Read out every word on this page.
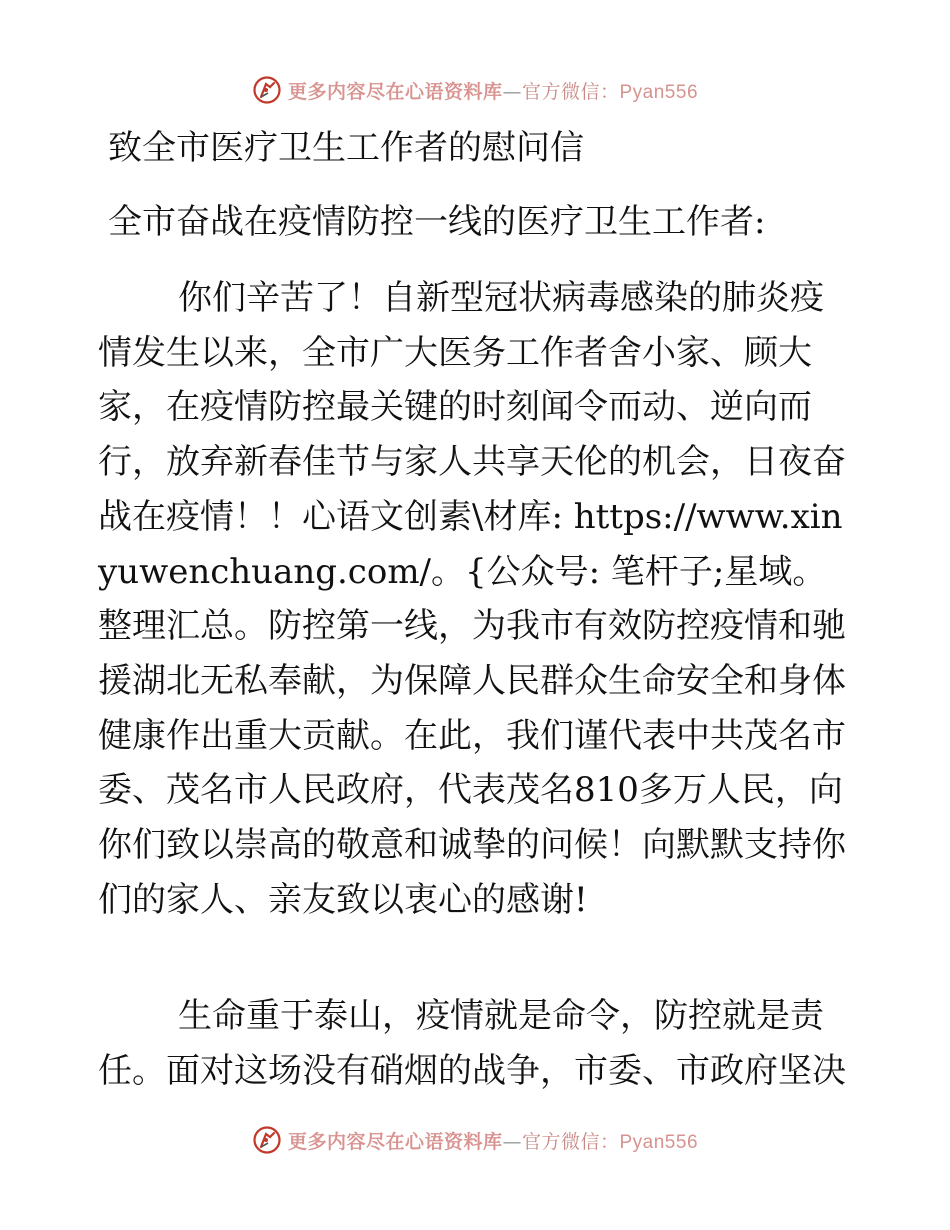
更多内容尽在心语资料库—官方微信：Pyan556
致全市医疗卫生工作者的慰问信
全市奋战在疫情防控一线的医疗卫生工作者:

你们辛苦了！自新型冠状病毒感染的肺炎疫情发生以来，全市广大医务工作者舍小家、顾大家，在疫情防控最关键的时刻闻令而动、逆向而行，放弃新春佳节与家人共享天伦的机会，日夜奋战在疫情！！心语文创素\材库: https://www.xinyuwenchuang.com/。{公众号: 笔杆子;星域。整理汇总。防控第一线，为我市有效防控疫情和驰援湖北无私奉献，为保障人民群众生命安全和身体健康作出重大贡献。在此，我们谨代表中共茂名市委、茂名市人民政府，代表茂名810多万人民，向你们致以崇高的敬意和诚挚的问候！向默默支持你们的家人、亲友致以衷心的感谢!

生命重于泰山，疫情就是命令，防控就是责任。面对这场没有硝烟的战争，市委、市政府坚决

更多内容尽在心语资料库—官方微信：Pyan556
